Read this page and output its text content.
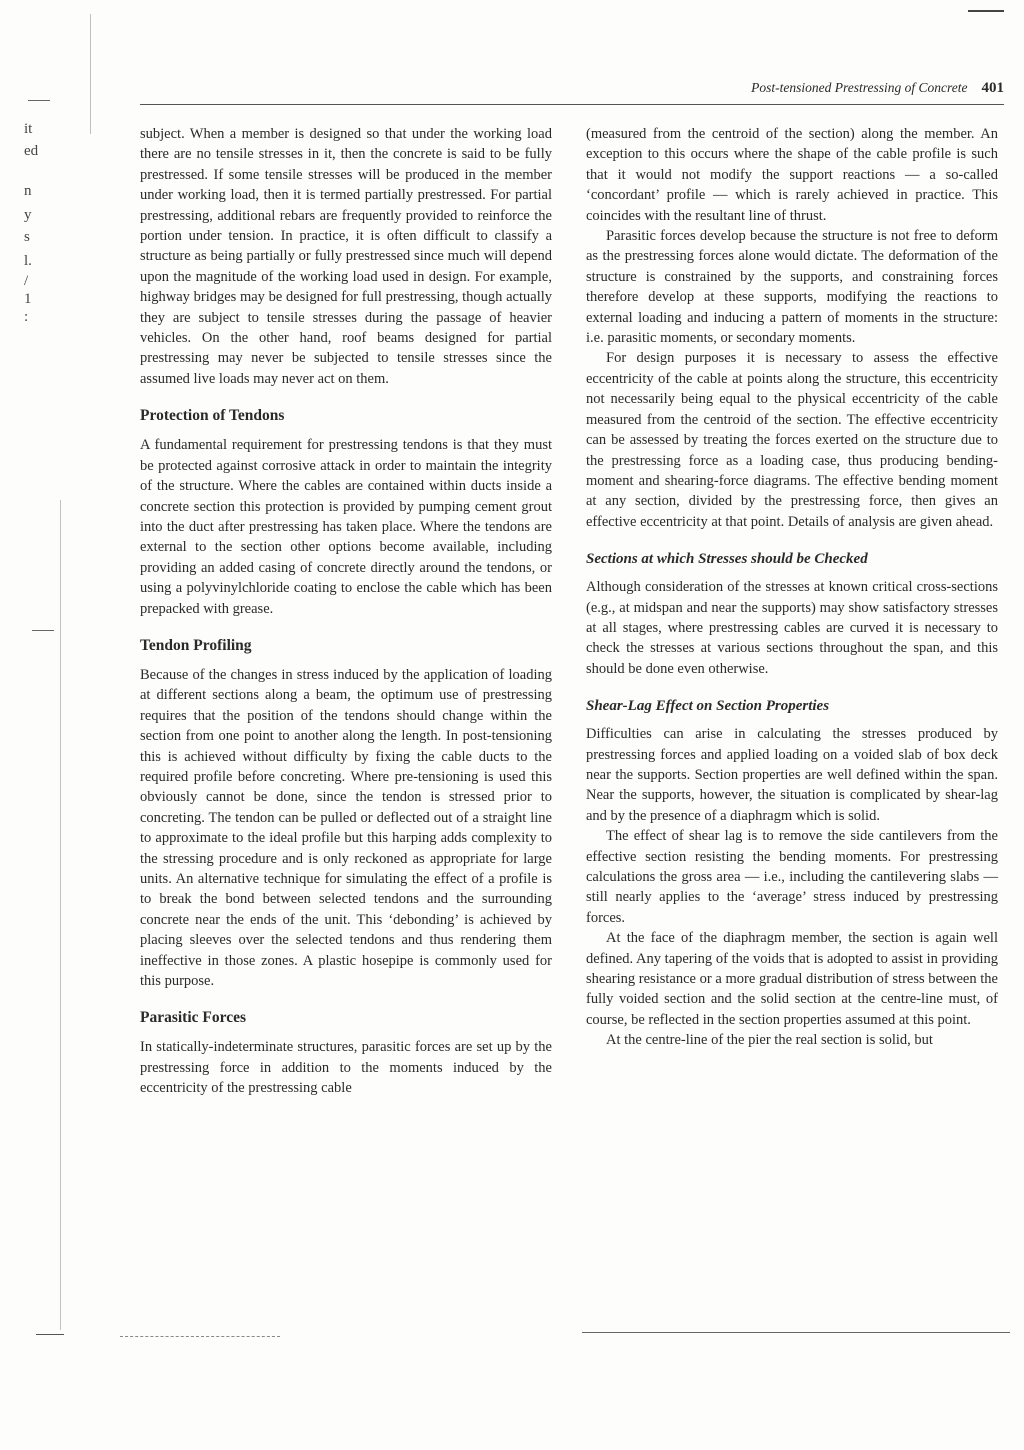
it
ed
n
y
s
l.
/
1
:
Post-tensioned Prestressing of Concrete 401

subject. When a member is designed so that under the working load there are no tensile stresses in it, then the concrete is said to be fully prestressed. If some tensile stresses will be produced in the member under working load, then it is termed partially prestressed. For partial prestressing, additional rebars are frequently provided to reinforce the portion under tension. In practice, it is often difficult to classify a structure as being partially or fully prestressed since much will depend upon the magnitude of the working load used in design. For example, highway bridges may be designed for full prestressing, though actually they are subject to tensile stresses during the passage of heavier vehicles. On the other hand, roof beams designed for partial prestressing may never be subjected to tensile stresses since the assumed live loads may never act on them.

Protection of Tendons

A fundamental requirement for prestressing tendons is that they must be protected against corrosive attack in order to maintain the integrity of the structure. Where the cables are contained within ducts inside a concrete section this protection is provided by pumping cement grout into the duct after prestressing has taken place. Where the tendons are external to the section other options become available, including providing an added casing of concrete directly around the tendons, or using a polyvinylchloride coating to enclose the cable which has been prepacked with grease.

Tendon Profiling

Because of the changes in stress induced by the application of loading at different sections along a beam, the optimum use of prestressing requires that the position of the tendons should change within the section from one point to another along the length. In post-tensioning this is achieved without difficulty by fixing the cable ducts to the required profile before concreting. Where pre-tensioning is used this obviously cannot be done, since the tendon is stressed prior to concreting. The tendon can be pulled or deflected out of a straight line to approximate to the ideal profile but this harping adds complexity to the stressing procedure and is only reckoned as appropriate for large units. An alternative technique for simulating the effect of a profile is to break the bond between selected tendons and the surrounding concrete near the ends of the unit. This ‘debonding’ is achieved by placing sleeves over the selected tendons and thus rendering them ineffective in those zones. A plastic hosepipe is commonly used for this purpose.

Parasitic Forces

In statically-indeterminate structures, parasitic forces are set up by the prestressing force in addition to the moments induced by the eccentricity of the prestressing cable

(measured from the centroid of the section) along the member. An exception to this occurs where the shape of the cable profile is such that it would not modify the support reactions — a so-called ‘concordant’ profile — which is rarely achieved in practice. This coincides with the resultant line of thrust.

Parasitic forces develop because the structure is not free to deform as the prestressing forces alone would dictate. The deformation of the structure is constrained by the supports, and constraining forces therefore develop at these supports, modifying the reactions to external loading and inducing a pattern of moments in the structure: i.e. parasitic moments, or secondary moments.

For design purposes it is necessary to assess the effective eccentricity of the cable at points along the structure, this eccentricity not necessarily being equal to the physical eccentricity of the cable measured from the centroid of the section. The effective eccentricity can be assessed by treating the forces exerted on the structure due to the prestressing force as a loading case, thus producing bending-moment and shearing-force diagrams. The effective bending moment at any section, divided by the prestressing force, then gives an effective eccentricity at that point. Details of analysis are given ahead.

Sections at which Stresses should be Checked

Although consideration of the stresses at known critical cross-sections (e.g., at midspan and near the supports) may show satisfactory stresses at all stages, where prestressing cables are curved it is necessary to check the stresses at various sections throughout the span, and this should be done even otherwise.

Shear-Lag Effect on Section Properties

Difficulties can arise in calculating the stresses produced by prestressing forces and applied loading on a voided slab of box deck near the supports. Section properties are well defined within the span. Near the supports, however, the situation is complicated by shear-lag and by the presence of a diaphragm which is solid.

The effect of shear lag is to remove the side cantilevers from the effective section resisting the bending moments. For prestressing calculations the gross area — i.e., including the cantilevering slabs — still nearly applies to the ‘average’ stress induced by prestressing forces.

At the face of the diaphragm member, the section is again well defined. Any tapering of the voids that is adopted to assist in providing shearing resistance or a more gradual distribution of stress between the fully voided section and the solid section at the centre-line must, of course, be reflected in the section properties assumed at this point.

At the centre-line of the pier the real section is solid, but
